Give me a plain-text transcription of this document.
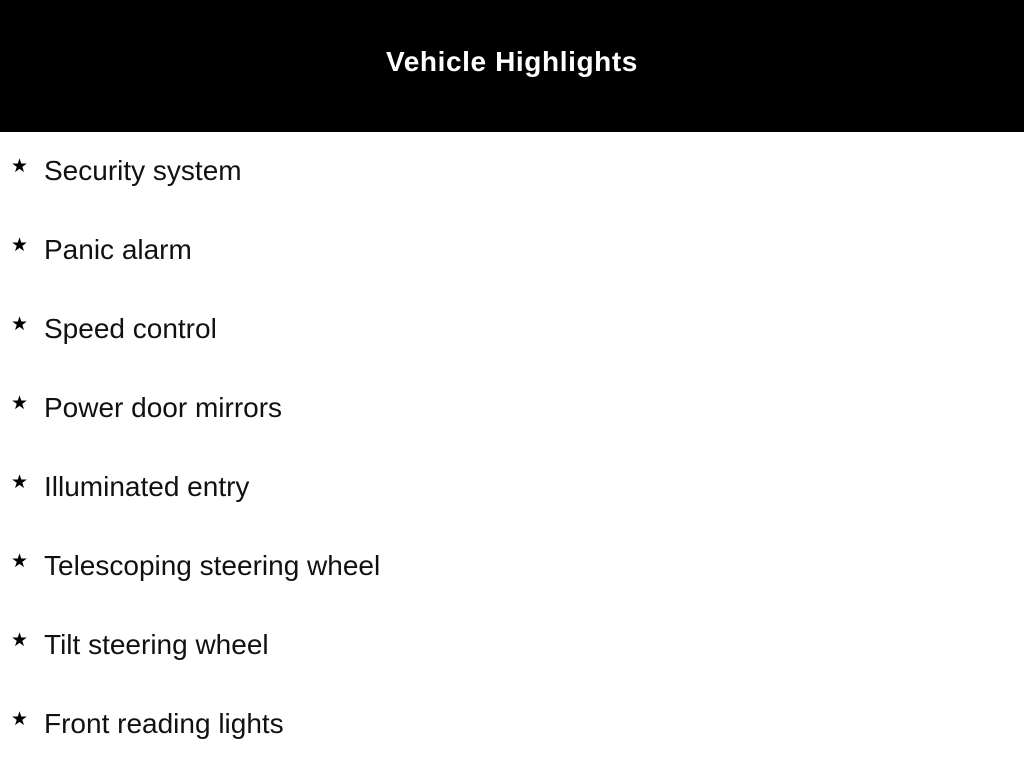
Vehicle Highlights
★ Security system
★ Panic alarm
★ Speed control
★ Power door mirrors
★ Illuminated entry
★ Telescoping steering wheel
★ Tilt steering wheel
★ Front reading lights
